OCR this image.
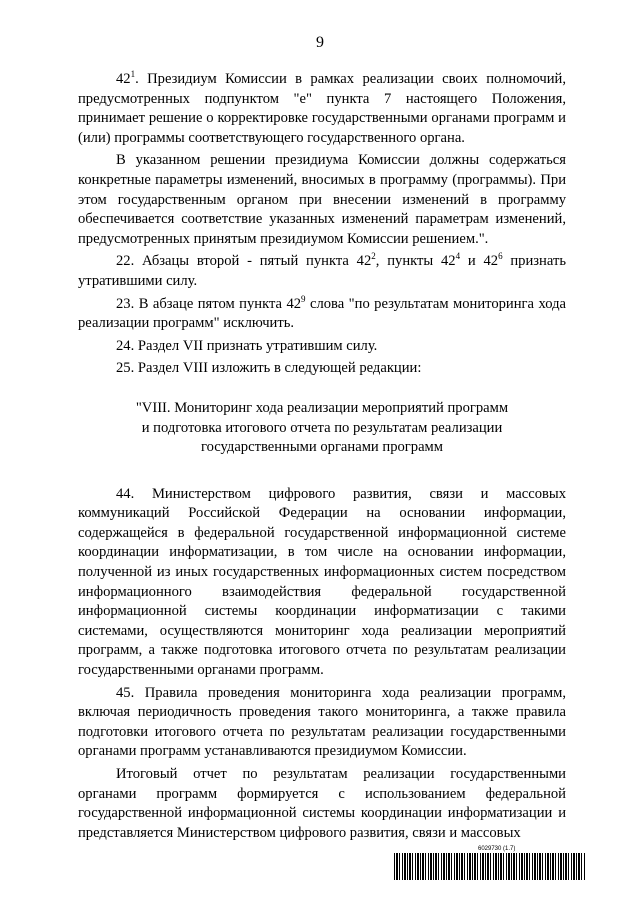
9

$42^1$. Президиум Комиссии в рамках реализации своих полномочий, предусмотренных подпунктом "е" пункта 7 настоящего Положения, принимает решение о корректировке государственными органами программ и (или) программы соответствующего государственного органа.

В указанном решении президиума Комиссии должны содержаться конкретные параметры изменений, вносимых в программу (программы). При этом государственным органом при внесении изменений в программу обеспечивается соответствие указанных изменений параметрам изменений, предусмотренных принятым президиумом Комиссии решением.".

22. Абзацы второй - пятый пункта $42^2$, пункты $42^4$ и $42^6$ признать утратившими силу.

23. В абзаце пятом пункта $42^9$ слова "по результатам мониторинга хода реализации программ" исключить.

24. Раздел VII признать утратившим силу.

25. Раздел VIII изложить в следующей редакции:

"VIII. Мониторинг хода реализации мероприятий программ
и подготовка итогового отчета по результатам реализации
государственными органами программ

44. Министерством цифрового развития, связи и массовых коммуникаций Российской Федерации на основании информации, содержащейся в федеральной государственной информационной системе координации информатизации, в том числе на основании информации, полученной из иных государственных информационных систем посредством информационного взаимодействия федеральной государственной информационной системы координации информатизации с такими системами, осуществляются мониторинг хода реализации мероприятий программ, а также подготовка итогового отчета по результатам реализации государственными органами программ.

45. Правила проведения мониторинга хода реализации программ, включая периодичность проведения такого мониторинга, а также правила подготовки итогового отчета по результатам реализации государственными органами программ устанавливаются президиумом Комиссии.

Итоговый отчет по результатам реализации государственными органами программ формируется с использованием федеральной государственной информационной системы координации информатизации и представляется Министерством цифрового развития, связи и массовых

6029730 (1.7)
